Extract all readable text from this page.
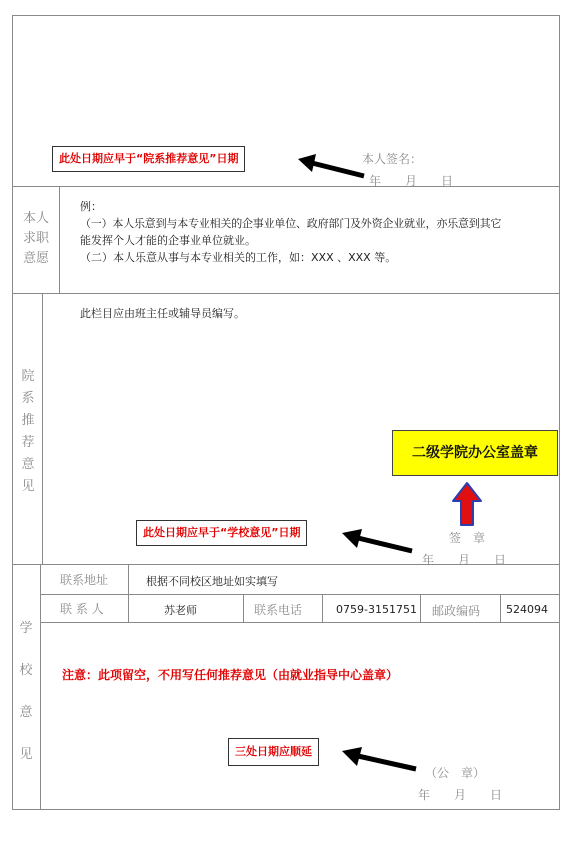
此处日期应早于“院系推荐意见”日期	本人签名：
年　　月　　日
本人
求职
意愿
例：
（一）本人乐意到与本专业相关的企事业单位、政府部门及外资企业就业，亦乐意到其它
能发挥个人才能的企事业单位就业。
（二）本人乐意从事与本专业相关的工作，如：XXX 、XXX 等。
院
系
推
荐
意
见
此栏目应由班主任或辅导员编写。
二级学院办公室盖章
此处日期应早于“学校意见”日期	签　章
年　　月　　日
学
校
意
见
联系地址	根据不同校区地址如实填写
联 系 人	苏老师	联系电话	0759-3151751 邮政编码 524094
注意：此项留空，不用写任何推荐意见（由就业指导中心盖章）
三处日期应顺延
（公　章）
年　　月　　日
